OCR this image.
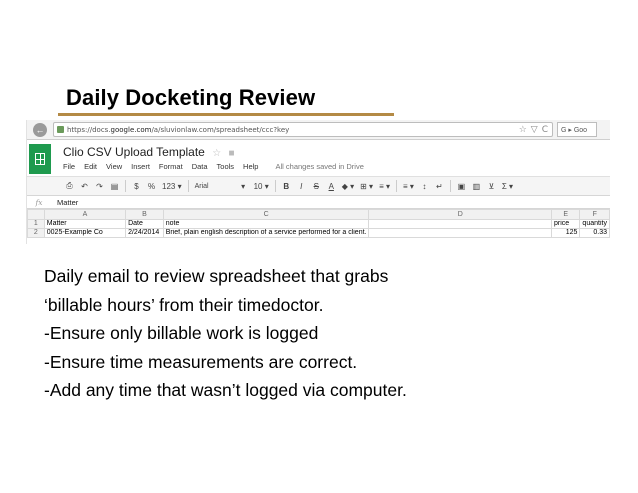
Daily Docketing Review
←	https://docs. google.com /a/sluvionlaw.com/spreadsheet/ccc?key	☆ ▽ C	G ▸ Goo
Clio CSV Upload Template ☆ ■
File Edit View Insert Format Data Tools Help All changes saved in Drive
⎙ ↶ ↷ ▤ $ % 123 ▾ Arial	▾	10 ▾ B	I	S A ◆ ▾ ⊞ ▾ ≡ ▾ ≡ ▾	↕	↵ ▣ ▥ ⊻ Σ ▾
fx	Matter
	A	B	C	D	E	F
1	Matter	Date	note		price	quantity
2	0025-Example Co	2/24/2014	Brief, plain english description of a service performed for a client.		125	0.33
Daily email to review spreadsheet that grabs
‘billable hours’ from their timedoctor.
-Ensure only billable work is logged
-Ensure time measurements are correct.
-Add any time that wasn’t logged via computer.
